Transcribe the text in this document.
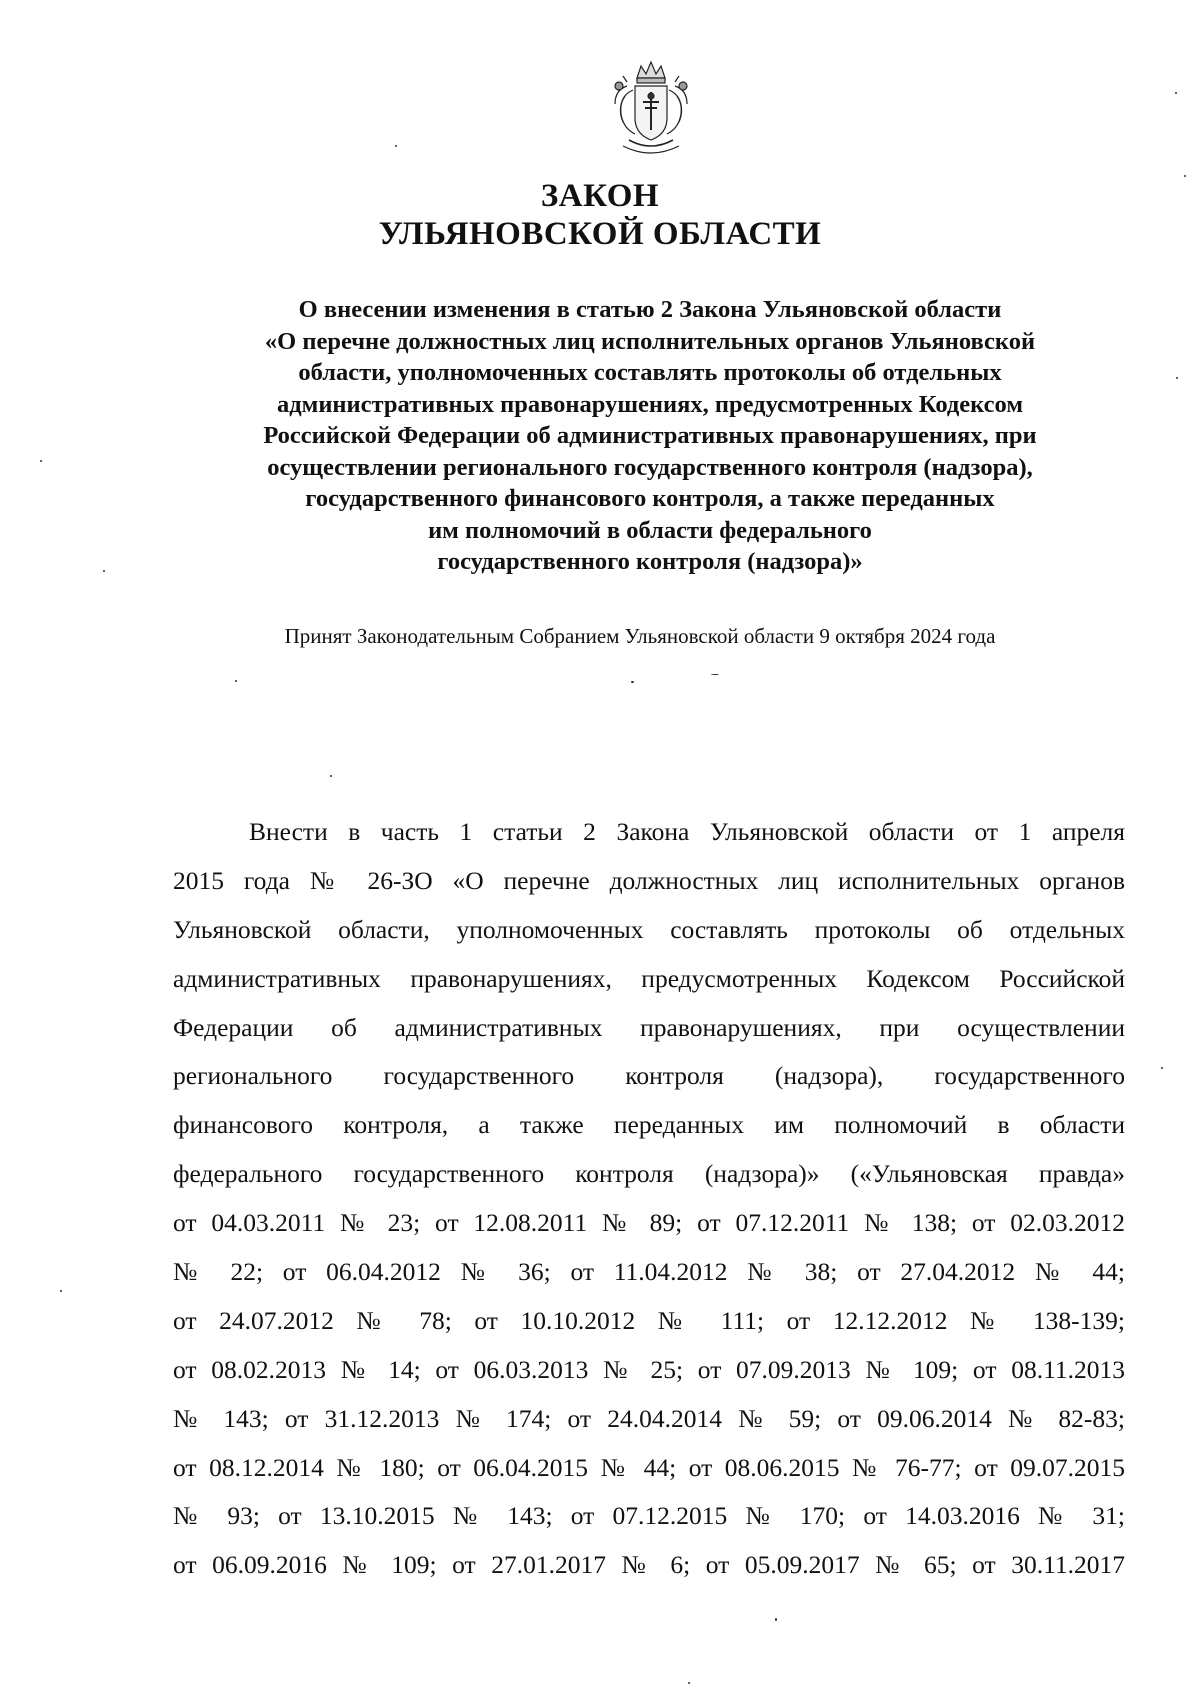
ЗАКОН
УЛЬЯНОВСКОЙ ОБЛАСТИ
О внесении изменения в статью 2 Закона Ульяновской области
«О перечне должностных лиц исполнительных органов Ульяновской
области, уполномоченных составлять протоколы об отдельных
административных правонарушениях, предусмотренных Кодексом
Российской Федерации об административных правонарушениях, при
осуществлении регионального государственного контроля (надзора),
государственного финансового контроля, а также переданных
им полномочий в области федерального
государственного контроля (надзора)»
Принят Законодательным Собранием Ульяновской области 9 октября 2024 года
Внести в часть 1 статьи 2 Закона Ульяновской области от 1 апреля
2015 года № 26-ЗО «О перечне должностных лиц исполнительных органов
Ульяновской области, уполномоченных составлять протоколы об отдельных
административных правонарушениях, предусмотренных Кодексом Российской
Федерации об административных правонарушениях, при осуществлении
регионального государственного контроля (надзора), государственного
финансового контроля, а также переданных им полномочий в области
федерального государственного контроля (надзора)» («Ульяновская правда»
от 04.03.2011 № 23; от 12.08.2011 № 89; от 07.12.2011 № 138; от 02.03.2012
№ 22; от 06.04.2012 № 36; от 11.04.2012 № 38; от 27.04.2012 № 44;
от 24.07.2012 № 78; от 10.10.2012 № 111; от 12.12.2012 № 138-139;
от 08.02.2013 № 14; от 06.03.2013 № 25; от 07.09.2013 № 109; от 08.11.2013
№ 143; от 31.12.2013 № 174; от 24.04.2014 № 59; от 09.06.2014 № 82-83;
от 08.12.2014 № 180; от 06.04.2015 № 44; от 08.06.2015 № 76-77; от 09.07.2015
№ 93; от 13.10.2015 № 143; от 07.12.2015 № 170; от 14.03.2016 № 31;
от 06.09.2016 № 109; от 27.01.2017 № 6; от 05.09.2017 № 65; от 30.11.2017
